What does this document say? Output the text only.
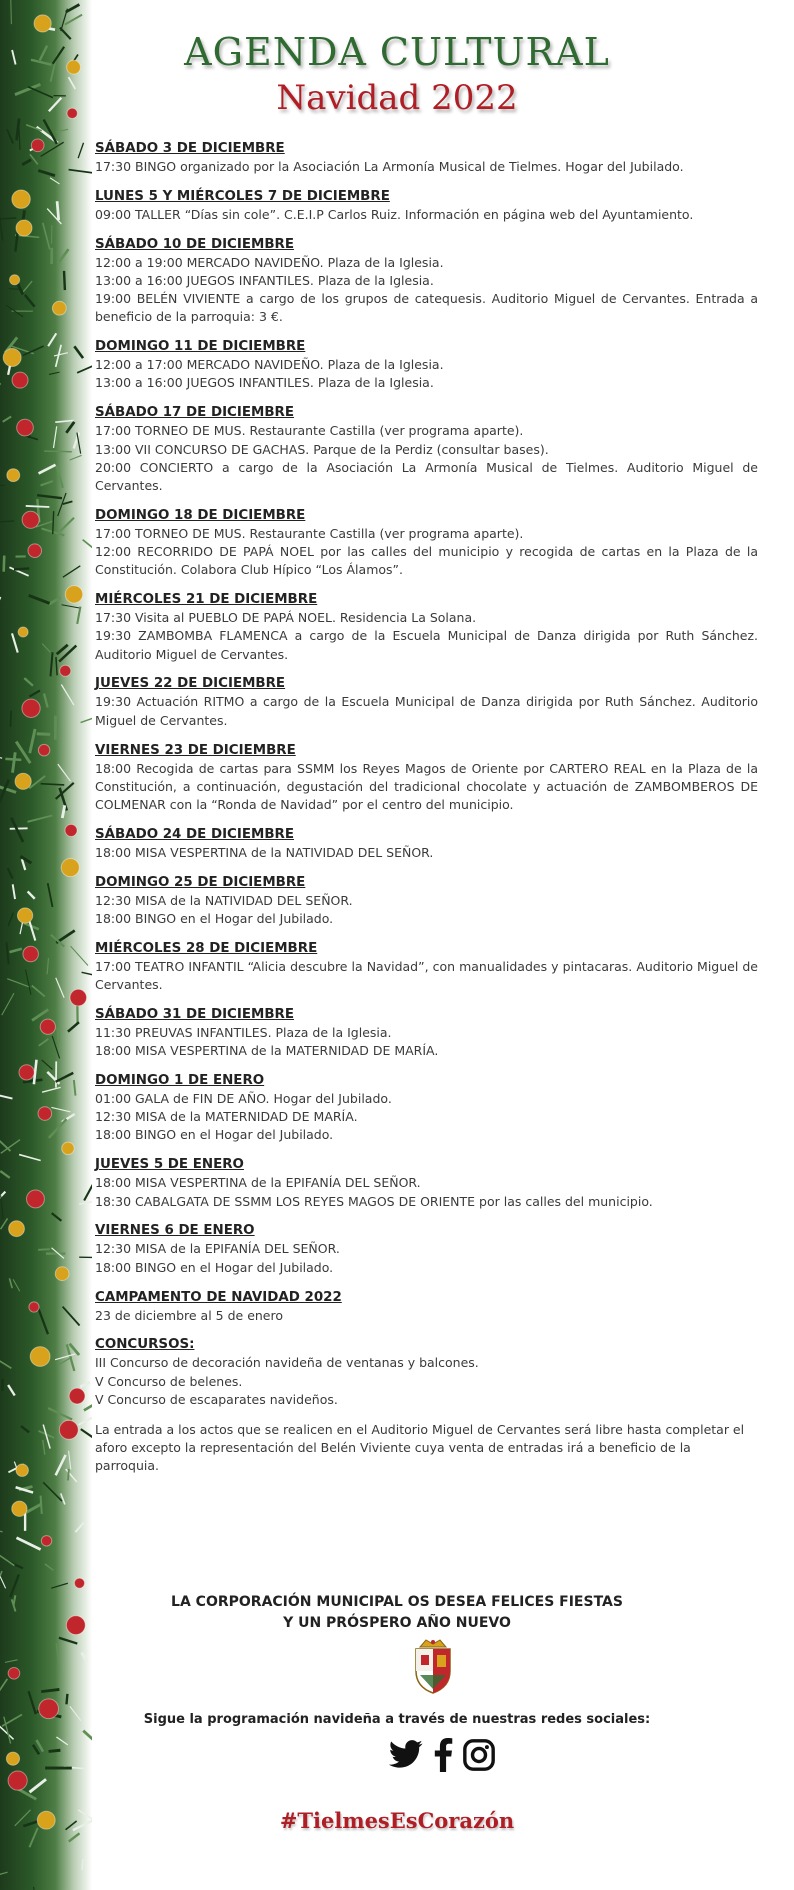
AGENDA CULTURAL
Navidad 2022
SÁBADO 3 DE DICIEMBRE
17:30 BINGO organizado por la Asociación La Armonía Musical de Tielmes. Hogar del Jubilado.
LUNES 5 Y MIÉRCOLES 7 DE DICIEMBRE
09:00 TALLER “Días sin cole”. C.E.I.P Carlos Ruiz. Información en página web del Ayuntamiento.
SÁBADO 10 DE DICIEMBRE
12:00 a 19:00 MERCADO NAVIDEÑO. Plaza de la Iglesia.
13:00 a 16:00 JUEGOS INFANTILES. Plaza de la Iglesia.
19:00 BELÉN VIVIENTE a cargo de los grupos de catequesis. Auditorio Miguel de Cervantes. Entrada a beneficio de la parroquia: 3 €.
DOMINGO 11 DE DICIEMBRE
12:00 a 17:00 MERCADO NAVIDEÑO. Plaza de la Iglesia.
13:00 a 16:00 JUEGOS INFANTILES. Plaza de la Iglesia.
SÁBADO 17 DE DICIEMBRE
17:00 TORNEO DE MUS. Restaurante Castilla (ver programa aparte).
13:00 VII CONCURSO DE GACHAS. Parque de la Perdiz (consultar bases).
20:00 CONCIERTO a cargo de la Asociación La Armonía Musical de Tielmes. Auditorio Miguel de Cervantes.
DOMINGO 18 DE DICIEMBRE
17:00 TORNEO DE MUS. Restaurante Castilla (ver programa aparte).
12:00 RECORRIDO DE PAPÁ NOEL por las calles del municipio y recogida de cartas en la Plaza de la Constitución. Colabora Club Hípico “Los Álamos”.
MIÉRCOLES 21 DE DICIEMBRE
17:30 Visita al PUEBLO DE PAPÁ NOEL. Residencia La Solana.
19:30 ZAMBOMBA FLAMENCA a cargo de la Escuela Municipal de Danza dirigida por Ruth Sánchez. Auditorio Miguel de Cervantes.
JUEVES 22 DE DICIEMBRE
19:30 Actuación RITMO a cargo de la Escuela Municipal de Danza dirigida por Ruth Sánchez. Auditorio Miguel de Cervantes.
VIERNES 23 DE DICIEMBRE
18:00 Recogida de cartas para SSMM los Reyes Magos de Oriente por CARTERO REAL en la Plaza de la Constitución, a continuación, degustación del tradicional chocolate y actuación de ZAMBOMBEROS DE COLMENAR con la “Ronda de Navidad” por el centro del municipio.
SÁBADO 24 DE DICIEMBRE
18:00 MISA VESPERTINA de la NATIVIDAD DEL SEÑOR.
DOMINGO 25 DE DICIEMBRE
12:30 MISA de la NATIVIDAD DEL SEÑOR.
18:00 BINGO en el Hogar del Jubilado.
MIÉRCOLES 28 DE DICIEMBRE
17:00 TEATRO INFANTIL “Alicia descubre la Navidad”, con manualidades y pintacaras. Auditorio Miguel de Cervantes.
SÁBADO 31 DE DICIEMBRE
11:30 PREUVAS INFANTILES. Plaza de la Iglesia.
18:00 MISA VESPERTINA de la MATERNIDAD DE MARÍA.
DOMINGO 1 DE ENERO
01:00 GALA de FIN DE AÑO. Hogar del Jubilado.
12:30 MISA de la MATERNIDAD DE MARÍA.
18:00 BINGO en el Hogar del Jubilado.
JUEVES 5 DE ENERO
18:00 MISA VESPERTINA de la EPIFANÍA DEL SEÑOR.
18:30 CABALGATA DE SSMM LOS REYES MAGOS DE ORIENTE por las calles del municipio.
VIERNES 6 DE ENERO
12:30 MISA de la EPIFANÍA DEL SEÑOR.
18:00 BINGO en el Hogar del Jubilado.
CAMPAMENTO DE NAVIDAD 2022
23 de diciembre al 5 de enero
CONCURSOS:
III Concurso de decoración navideña de ventanas y balcones.
V Concurso de belenes.
V Concurso de escaparates navideños.
La entrada a los actos que se realicen en el Auditorio Miguel de Cervantes será libre hasta completar el aforo excepto la representación del Belén Viviente cuya venta de entradas irá a beneficio de la parroquia.
LA CORPORACIÓN MUNICIPAL OS DESEA FELICES FIESTAS
Y UN PRÓSPERO AÑO NUEVO
Sigue la programación navideña a través de nuestras redes sociales:
#TielmesEsCorazón
